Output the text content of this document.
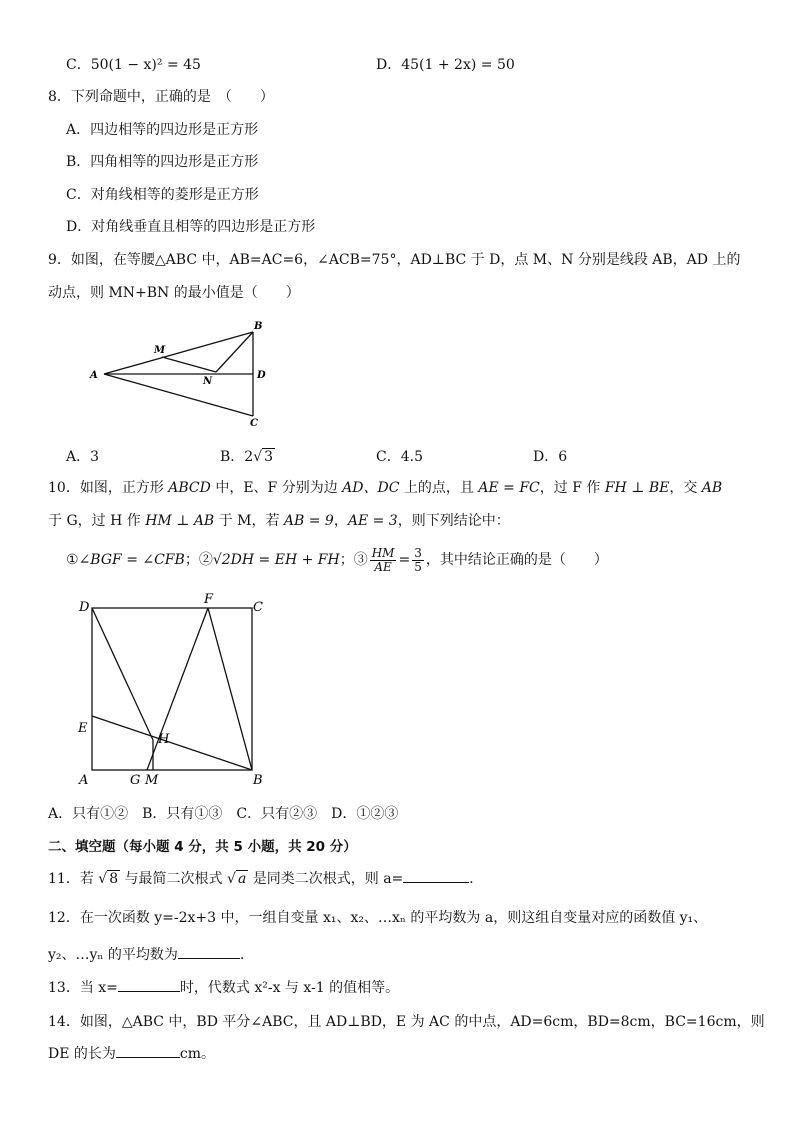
C．50(1 − x)² = 45	D．45(1 + 2x) = 50
8．下列命题中，正确的是　（　　）
A．四边相等的四边形是正方形
B．四角相等的四边形是正方形
C．对角线相等的菱形是正方形
D．对角线垂直且相等的四边形是正方形
9．如图，在等腰△ABC 中，AB=AC=6，∠ACB=75°，AD⊥BC 于 D，点 M、N 分别是线段 AB，AD 上的
动点，则 MN+BN 的最小值是（　　）
A
B
C
D
M
N
A．3	B．2√ 3	C．4.5	D．6
10．如图，正方形 ABCD 中，E、F 分别为边 AD、DC 上的点，且 AE = FC，过 F 作 FH ⊥ BE，交 AB
于 G，过 H 作 HM ⊥ AB 于 M，若 AB = 9，AE = 3，则下列结论中：
①∠BGF = ∠CFB；②√2DH = EH + FH；③ $\frac{HM}{AE} = \frac{3}{5}$ ，其中结论正确的是（　　）
D	C
F
E
H
A	G M	B
A．只有①②　B．只有①③　C．只有②③　D．①②③
二、填空题（每小题 4 分，共 5 小题，共 20 分）
11．若 √ 8 与最简二次根式 √ a 是同类二次根式，则 a=	．
12．在一次函数 y=-2x+3 中，一组自变量 x₁、x₂、…xₙ 的平均数为 a，则这组自变量对应的函数值 y₁、
y₂、…yₙ 的平均数为	．
13．当 x=	时，代数式 x²-x 与 x-1 的值相等。
14．如图，△ABC 中，BD 平分∠ABC，且 AD⊥BD，E 为 AC 的中点，AD=6cm，BD=8cm，BC=16cm，则
DE 的长为	cm。
